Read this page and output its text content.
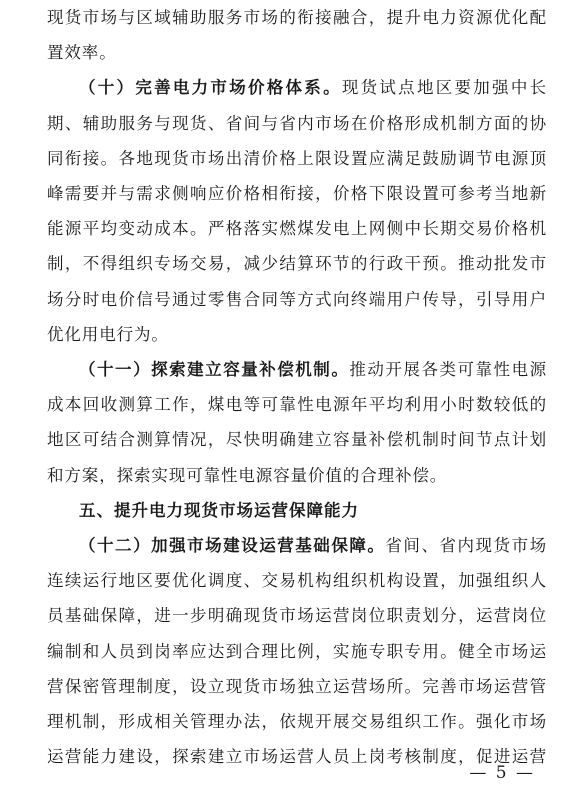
现货市场与区域辅助服务市场的衔接融合，提升电力资源优化配
置效率。
（十）完善电力市场价格体系。现货试点地区要加强中长
期、辅助服务与现货、省间与省内市场在价格形成机制方面的协
同衔接。各地现货市场出清价格上限设置应满足鼓励调节电源顶
峰需要并与需求侧响应价格相衔接，价格下限设置可参考当地新
能源平均变动成本。严格落实燃煤发电上网侧中长期交易价格机
制，不得组织专场交易，减少结算环节的行政干预。推动批发市
场分时电价信号通过零售合同等方式向终端用户传导，引导用户
优化用电行为。
（十一）探索建立容量补偿机制。推动开展各类可靠性电源
成本回收测算工作，煤电等可靠性电源年平均利用小时数较低的
地区可结合测算情况，尽快明确建立容量补偿机制时间节点计划
和方案，探索实现可靠性电源容量价值的合理补偿。
五、提升电力现货市场运营保障能力
（十二）加强市场建设运营基础保障。省间、省内现货市场
连续运行地区要优化调度、交易机构组织机构设置，加强组织人
员基础保障，进一步明确现货市场运营岗位职责划分，运营岗位
编制和人员到岗率应达到合理比例，实施专职专用。健全市场运
营保密管理制度，设立现货市场独立运营场所。完善市场运营管
理机制，形成相关管理办法，依规开展交易组织工作。强化市场
运营能力建设，探索建立市场运营人员上岗考核制度，促进运营
— 5 —
